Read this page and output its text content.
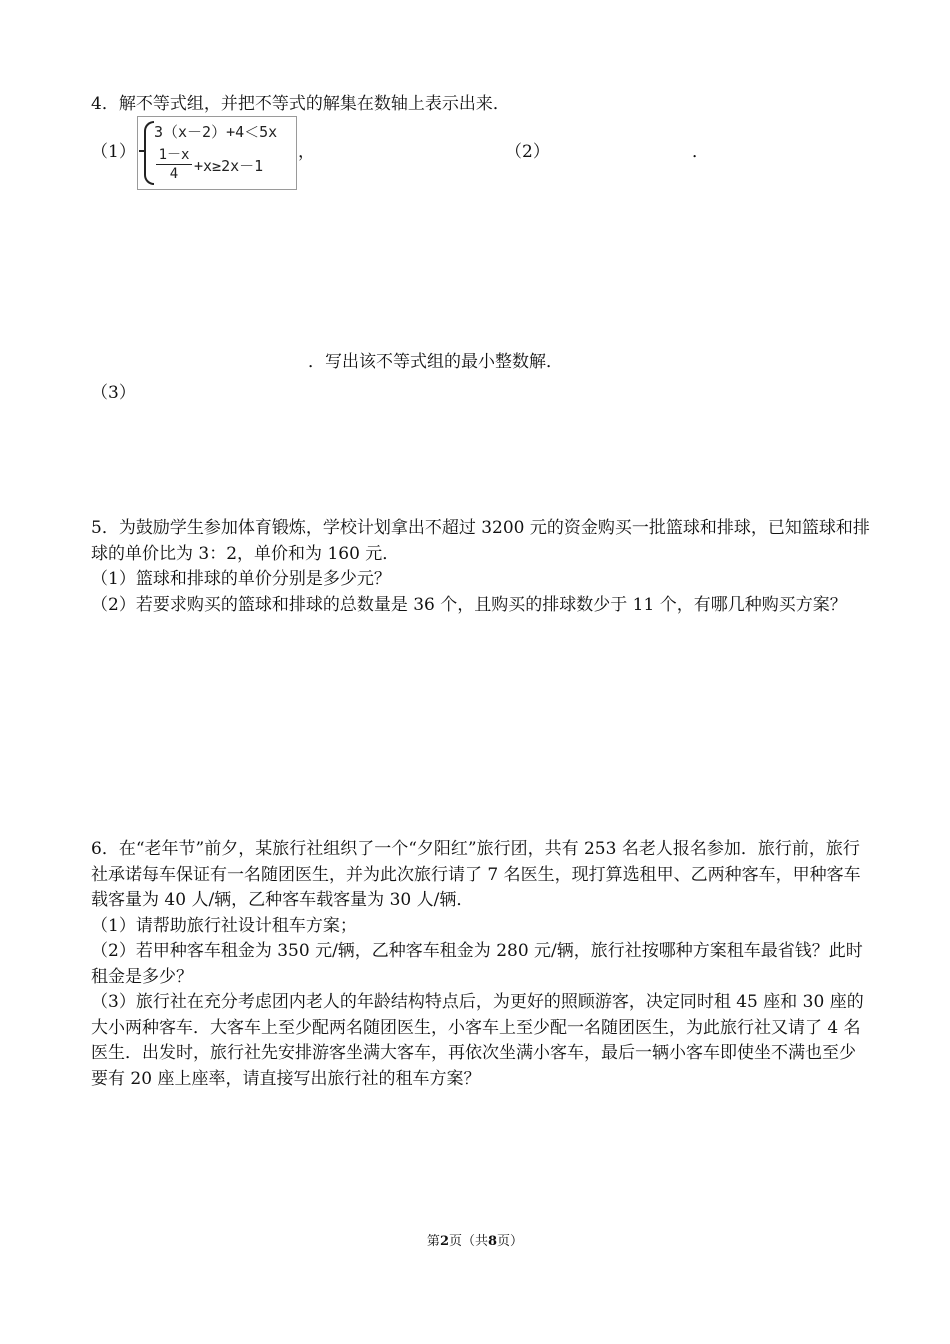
4．解不等式组，并把不等式的解集在数轴上表示出来．
（1）
3（x－2）+4＜5x
1－x
4	+x≥2x－1
，	（2）	．
．写出该不等式组的最小整数解．
（3）

5．为鼓励学生参加体育锻炼，学校计划拿出不超过 3200 元的资金购买一批篮球和排球，已知篮球和排球的单价比为 3：2，单价和为 160 元．

（1）篮球和排球的单价分别是多少元？

（2）若要求购买的篮球和排球的总数量是 36 个，且购买的排球数少于 11 个，有哪几种购买方案？

6．在“老年节”前夕，某旅行社组织了一个“夕阳红”旅行团，共有 253 名老人报名参加．旅行前，旅行社承诺每车保证有一名随团医生，并为此次旅行请了 7 名医生，现打算选租甲、乙两种客车，甲种客车载客量为 40 人/辆，乙种客车载客量为 30 人/辆．

（1）请帮助旅行社设计租车方案；

（2）若甲种客车租金为 350 元/辆，乙种客车租金为 280 元/辆，旅行社按哪种方案租车最省钱？此时租金是多少？

（3）旅行社在充分考虑团内老人的年龄结构特点后，为更好的照顾游客，决定同时租 45 座和 30 座的大小两种客车．大客车上至少配两名随团医生，小客车上至少配一名随团医生，为此旅行社又请了 4 名医生．出发时，旅行社先安排游客坐满大客车，再依次坐满小客车，最后一辆小客车即使坐不满也至少要有 20 座上座率，请直接写出旅行社的租车方案？

第2页（共8页）
